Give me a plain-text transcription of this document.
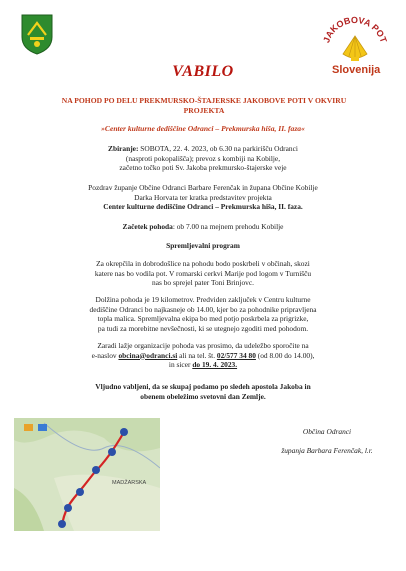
JAKOBOVA POT
Slovenija
VABILO
NA POHOD PO DELU PREKMURSKO-ŠTAJERSKE JAKOBOVE POTI V OKVIRU PROJEKTA
»Center kulturne dediščine Odranci – Prekmurska hiša, II. faza«
Zbiranje: SOBOTA, 22. 4. 2023, ob 6.30 na parkirišču Odranci
(nasproti pokopališča); prevoz s kombiji na Kobilje,
začetno točko poti Sv. Jakoba prekmursko-štajerske veje
Pozdrav županje Občine Odranci Barbare Ferenčak in župana Občine Kobilje
Darka Horvata ter kratka predstavitev projekta
Center kulturne dediščine Odranci – Prekmurska hiša, II. faza.
Začetek pohoda: ob 7.00 na mejnem prehodu Kobilje
Spremljevalni program
Za okrepčila in dobrodošlice na pohodu bodo poskrbeli v občinah, skozi
katere nas bo vodila pot. V romarski cerkvi Marije pod logom v Turnišču
nas bo sprejel pater Toni Brinjovc.
Dolžina pohoda je 19 kilometrov. Predviden zaključek v Centru kulturne
dediščine Odranci bo najkasneje ob 14.00, kjer bo za pohodnike pripravljena
topla malica. Spremljevalna ekipa bo med potjo poskrbela za prigrizke,
pa tudi za morebitne nevšečnosti, ki se utegnejo zgoditi med pohodom.
Zaradi lažje organizacije pohoda vas prosimo, da udeležbo sporočite na
e-naslov obcina@odranci.si ali na tel. št. 02/577 34 80 (od 8.00 do 14.00),
in sicer do 19. 4. 2023.
Vljudno vabljeni, da se skupaj podamo po sledeh apostola Jakoba in
obenem obeležimo svetovni dan Zemlje.
MADŽARSKA
Občina Odranci
županja Barbara Ferenčak, l.r.
